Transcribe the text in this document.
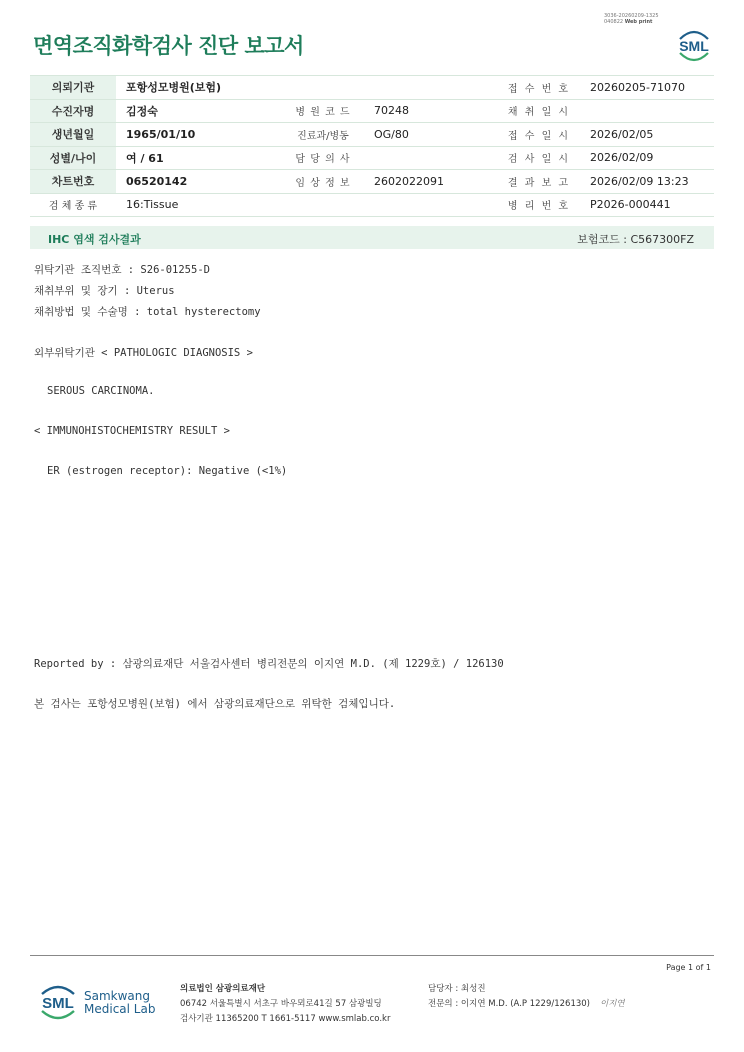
3036-20260209-1325
040822 Web print
면역조직화학검사 진단 보고서	SML
의뢰기관	포항성모병원(보험)			접 수 번 호	20260205-71070
수진자명	김정숙	병 원 코 드	70248	채 취 일 시	
생년월일	1965/01/10	진료과/병동	OG/80	접 수 일 시	2026/02/05
성별/나이	여 / 61	담 당 의 사		검 사 일 시	2026/02/09
차트번호	06520142	임 상 정 보	2602022091	결 과 보 고	2026/02/09 13:23
검 체 종 류	16:Tissue			병 리 번 호	P2026-000441
IHC 염색 검사결과	보험코드 : C567300FZ
위탁기관 조직번호 : S26-01255-D
채취부위 및 장기 : Uterus
채취방법 및 수술명 : total hysterectomy
외부위탁기관 < PATHOLOGIC DIAGNOSIS >
SEROUS CARCINOMA.
< IMMUNOHISTOCHEMISTRY RESULT >
ER (estrogen receptor): Negative (<1%)
Reported by : 삼광의료재단 서울검사센터 병리전문의 이지연 M.D. (제 1229호) / 126130
본 검사는 포항성모병원(보험) 에서 삼광의료재단으로 위탁한 검체입니다.
Page 1 of 1
SML Samkwang
Medical Lab
의료법인 삼광의료재단
06742 서울특별시 서초구 바우뫼로41길 57 삼광빌딩
검사기관 11365200 T 1661-5117 www.smlab.co.kr
담당자 : 최성진
전문의 : 이지연 M.D. (A.P 1229/126130) 이지연
